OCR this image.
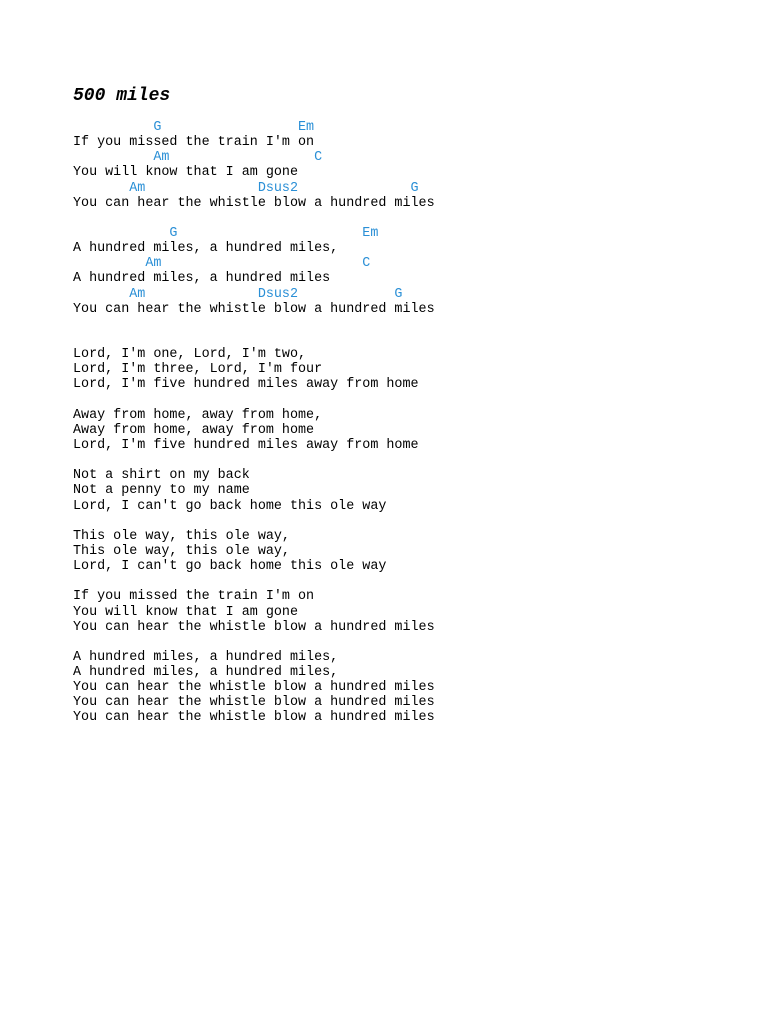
500 miles
G                 Em
If you missed the train I'm on
Am                  C
You will know that I am gone
Am              Dsus2              G
You can hear the whistle blow a hundred miles
G                       Em
A hundred miles, a hundred miles,
Am                         C
A hundred miles, a hundred miles
Am              Dsus2            G
You can hear the whistle blow a hundred miles
Lord, I'm one, Lord, I'm two,
Lord, I'm three, Lord, I'm four
Lord, I'm five hundred miles away from home
Away from home, away from home,
Away from home, away from home
Lord, I'm five hundred miles away from home
Not a shirt on my back
Not a penny to my name
Lord, I can't go back home this ole way
This ole way, this ole way,
This ole way, this ole way,
Lord, I can't go back home this ole way
If you missed the train I'm on
You will know that I am gone
You can hear the whistle blow a hundred miles
A hundred miles, a hundred miles,
A hundred miles, a hundred miles,
You can hear the whistle blow a hundred miles
You can hear the whistle blow a hundred miles
You can hear the whistle blow a hundred miles
